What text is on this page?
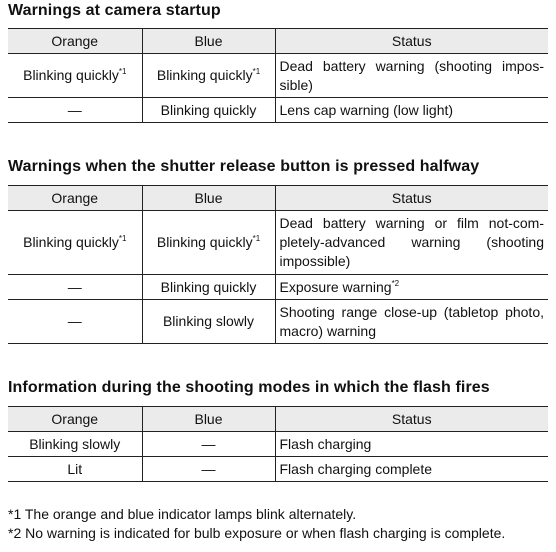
Warnings at camera startup
Orange	Blue	Status
Blinking quickly$^{*1}$	Blinking quickly$^{*1}$	Dead battery warning (shooting impossible)
—	Blinking quickly	Lens cap warning (low light)
Warnings when the shutter release button is pressed halfway
Orange	Blue	Status
Blinking quickly$^{*1}$	Blinking quickly$^{*1}$	Dead battery warning or film not-completely-advanced warning (shooting impossible)
—	Blinking quickly	Exposure warning$^{*2}$
—	Blinking slowly	Shooting range close-up (tabletop photo, macro) warning
Information during the shooting modes in which the flash fires
Orange	Blue	Status
Blinking slowly	—	Flash charging
Lit	—	Flash charging complete

*1 The orange and blue indicator lamps blink alternately.

*2 No warning is indicated for bulb exposure or when flash charging is complete.
